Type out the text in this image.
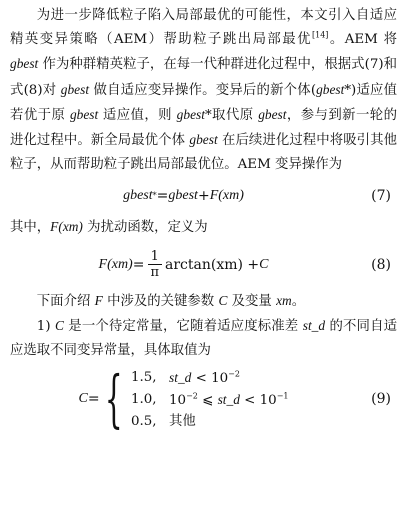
为进一步降低粒子陷入局部最优的可能性，本文引入自适应精英变异策略（AEM）帮助粒子跳出局部最优[14]。AEM 将 gbest 作为种群精英粒子，在每一代种群进化过程中，根据式(7)和式(8)对 gbest 做自适应变异操作。变异后的新个体(gbest*)适应值若优于原 gbest 适应值，则 gbest*取代原 gbest，参与到新一轮的进化过程中。新全局最优个体 gbest 在后续进化过程中将吸引其他粒子，从而帮助粒子跳出局部最优位。AEM 变异操作为

gbest * = gbest + F (xm)	(7)

其中，F(xm) 为扰动函数，定义为

F $(xm) = \frac{1}{\pi} \arctan(xm) + C$	(8)

下面介绍 F 中涉及的关键参数 C 及变量 xm。

1) C 是一个待定常量，它随着适应度标准差 st_d 的不同自适应选取不同变异常量，具体取值为

C = { 1.5, st_d < $10^{-2}$
1.0, $10^{-2}$ ⩽ st_d < $10^{-1}$
0.5, 其他
(9)
